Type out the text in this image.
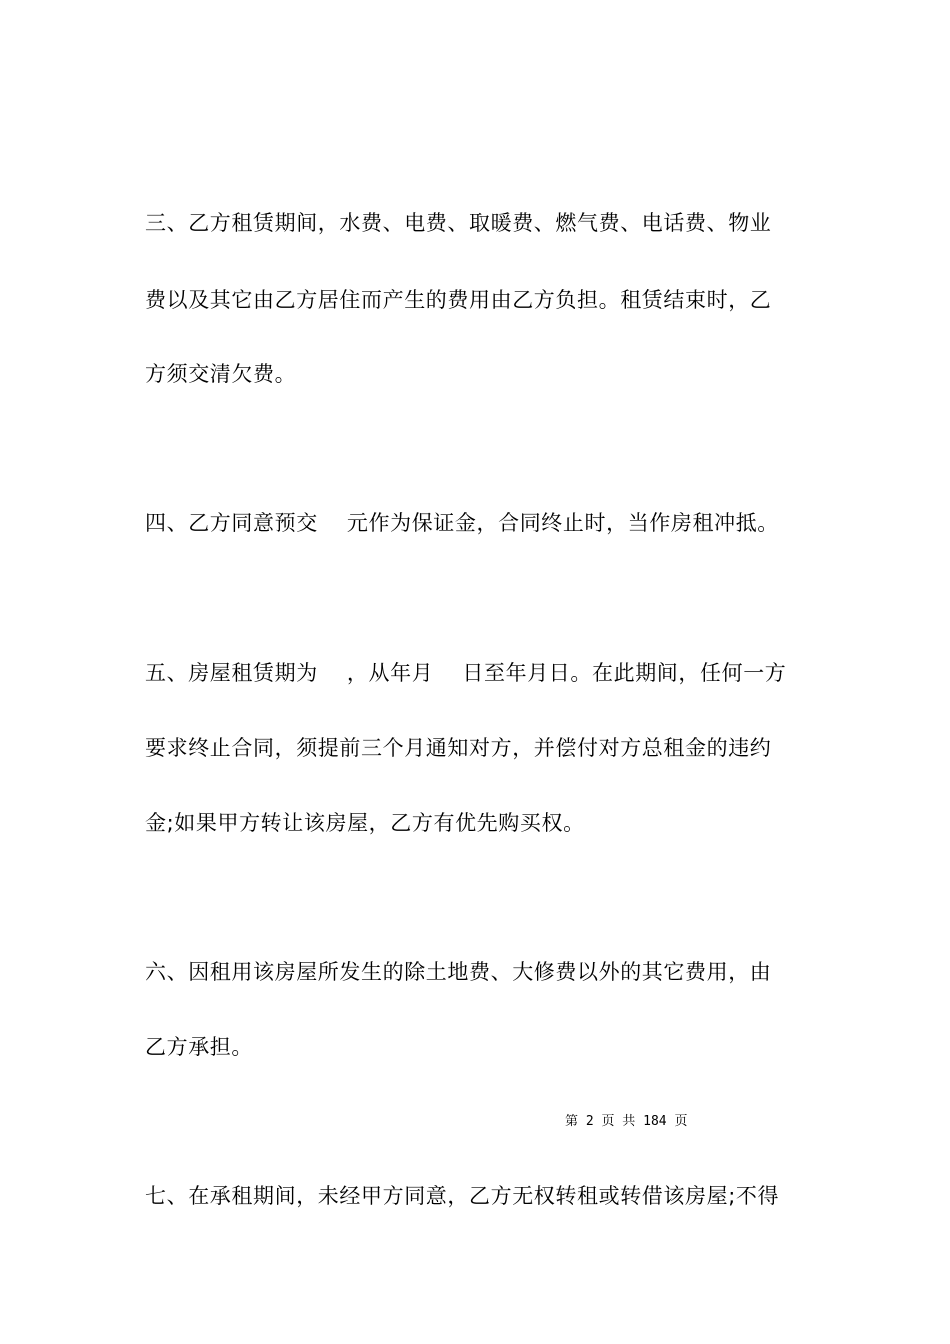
三、乙方租赁期间，水费、电费、取暖费、燃气费、电话费、物业
费以及其它由乙方居住而产生的费用由乙方负担。租赁结束时，乙
方须交清欠费。
四、乙方同意预交    元作为保证金，合同终止时，当作房租冲抵。
五、房屋租赁期为    ，从年月    日至年月日。在此期间，任何一方
要求终止合同，须提前三个月通知对方，并偿付对方总租金的违约
金;如果甲方转让该房屋，乙方有优先购买权。
六、因租用该房屋所发生的除土地费、大修费以外的其它费用，由
乙方承担。
第 2 页 共 184 页
七、在承租期间，未经甲方同意，乙方无权转租或转借该房屋;不得
